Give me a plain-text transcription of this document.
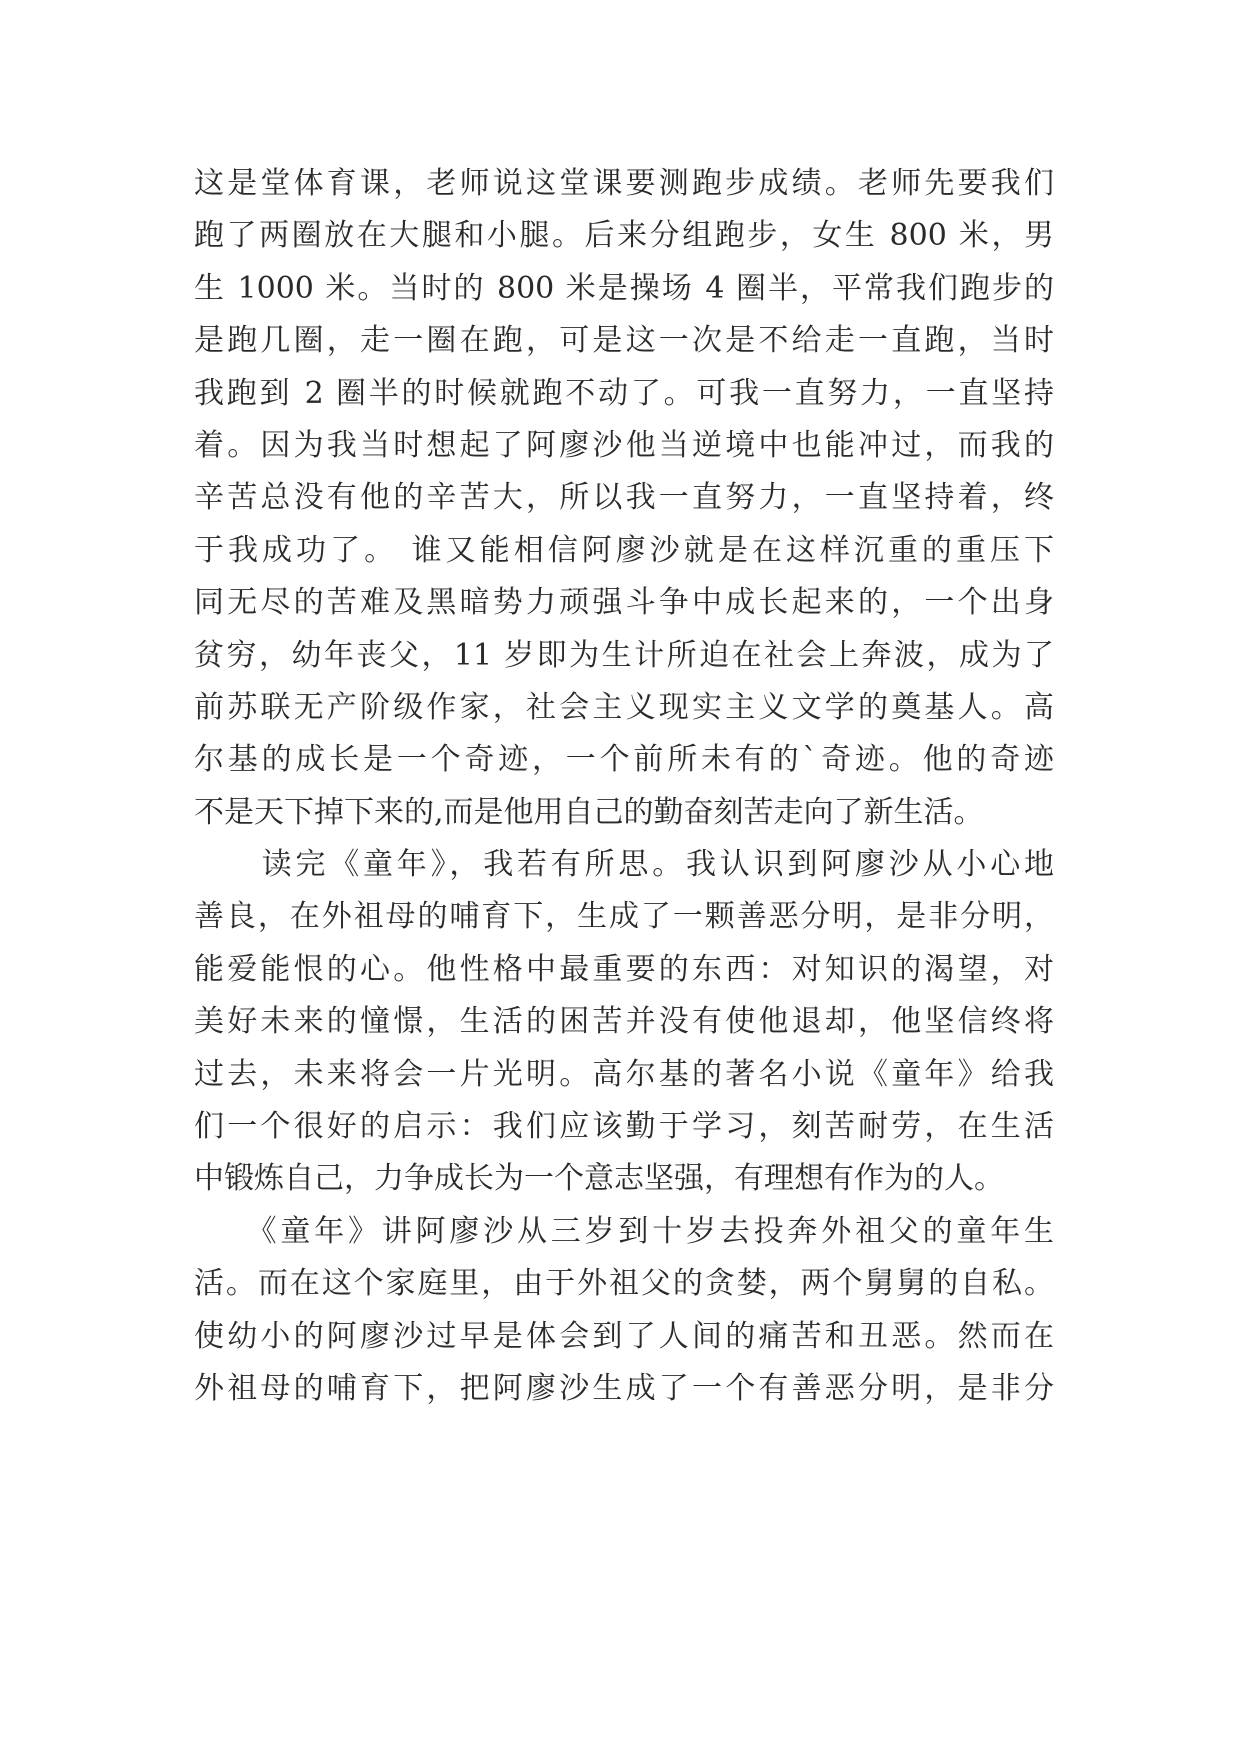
这是堂体育课，老师说这堂课要测跑步成绩。老师先要我们
跑了两圈放在大腿和小腿。后来分组跑步，女生 800 米，男
生 1000 米。当时的 800 米是操场 4 圈半，平常我们跑步的
是跑几圈，走一圈在跑，可是这一次是不给走一直跑，当时
我跑到 2 圈半的时候就跑不动了。可我一直努力，一直坚持
着。因为我当时想起了阿廖沙他当逆境中也能冲过，而我的
辛苦总没有他的辛苦大，所以我一直努力，一直坚持着，终
于我成功了。 谁又能相信阿廖沙就是在这样沉重的重压下
同无尽的苦难及黑暗势力顽强斗争中成长起来的，一个出身
贫穷，幼年丧父，11 岁即为生计所迫在社会上奔波，成为了
前苏联无产阶级作家，社会主义现实主义文学的奠基人。高
尔基的成长是一个奇迹，一个前所未有的`奇迹。他的奇迹
不是天下掉下来的,而是他用自己的勤奋刻苦走向了新生活。
　　读完《童年》，我若有所思。我认识到阿廖沙从小心地
善良，在外祖母的哺育下，生成了一颗善恶分明，是非分明，
能爱能恨的心。他性格中最重要的东西：对知识的渴望，对
美好未来的憧憬，生活的困苦并没有使他退却，他坚信终将
过去，未来将会一片光明。高尔基的著名小说《童年》给我
们一个很好的启示：我们应该勤于学习，刻苦耐劳，在生活
中锻炼自己，力争成长为一个意志坚强，有理想有作为的人。
　　《童年》讲阿廖沙从三岁到十岁去投奔外祖父的童年生
活。而在这个家庭里，由于外祖父的贪婪，两个舅舅的自私。
使幼小的阿廖沙过早是体会到了人间的痛苦和丑恶。然而在
外祖母的哺育下，把阿廖沙生成了一个有善恶分明，是非分
